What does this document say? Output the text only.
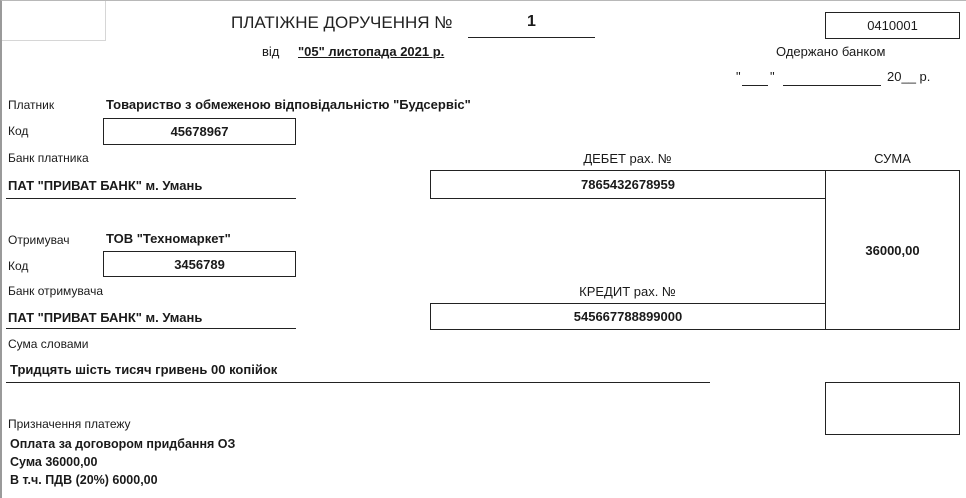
ПЛАТІЖНЕ ДОРУЧЕННЯ №	1	0410001
від "05" листопада 2021 р.	Одержано банком
" "	20__ р.
Платник	Товариство з обмеженою відповідальністю "Будсервіс"
Код	45678967
Банк платника
ПАТ "ПРИВАТ БАНК" м. Умань
ДЕБЕТ рах. №
7865432678959
СУМА
36000,00
Отримувач	ТОВ "Техномаркет"
Код	3456789
Банк отримувача
ПАТ "ПРИВАТ БАНК" м. Умань
КРЕДИТ рах. №
545667788899000
Сума словами
Тридцять шість тисяч гривень 00 копійок
Призначення платежу
Оплата за договором придбання ОЗ
Сума 36000,00
В т.ч. ПДВ (20%) 6000,00
